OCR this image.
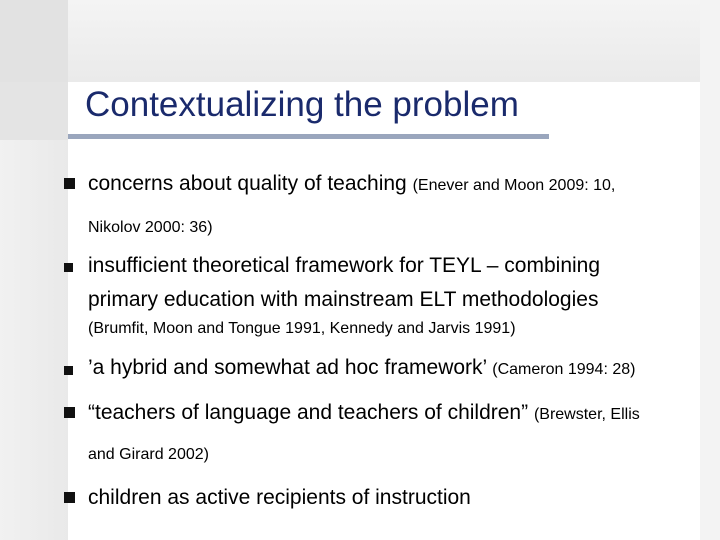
Contextualizing the problem
concerns about quality of teaching (Enever and Moon 2009: 10,
Nikolov 2000: 36)
insufficient theoretical framework for TEYL – combining
primary education with mainstream ELT methodologies
(Brumfit, Moon and Tongue 1991, Kennedy and Jarvis 1991)
’a hybrid and somewhat ad hoc framework’ (Cameron 1994: 28)
“teachers of language and teachers of children” (Brewster, Ellis
and Girard 2002)
children as active recipients of instruction
